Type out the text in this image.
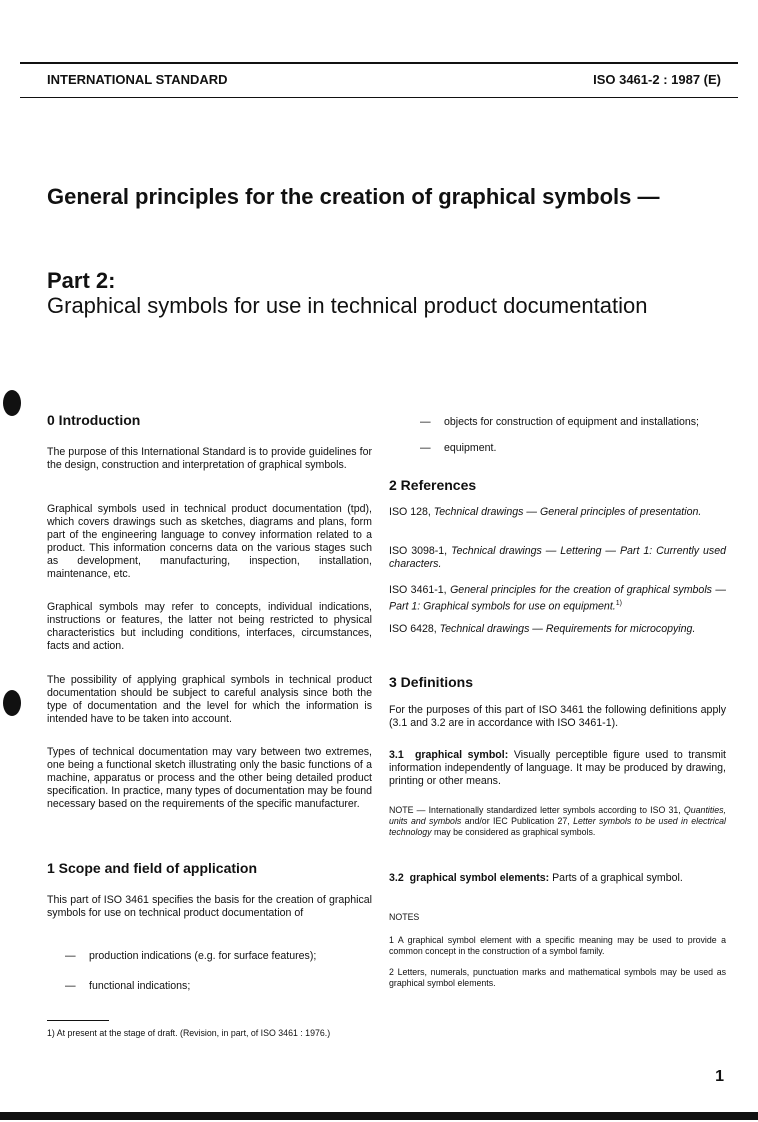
INTERNATIONAL STANDARD	ISO 3461-2 : 1987 (E)
General principles for the creation of graphical symbols —
Part 2:
Graphical symbols for use in technical product documentation
0 Introduction

The purpose of this International Standard is to provide guidelines for the design, construction and interpretation of graphical symbols.

Graphical symbols used in technical product documentation (tpd), which covers drawings such as sketches, diagrams and plans, form part of the engineering language to convey information related to a product. This information concerns data on the various stages such as development, manufacturing, inspection, installation, maintenance, etc.

Graphical symbols may refer to concepts, individual indications, instructions or features, the latter not being restricted to physical characteristics but including conditions, interfaces, circumstances, facts and action.

The possibility of applying graphical symbols in technical product documentation should be subject to careful analysis since both the type of documentation and the level for which the information is intended have to be taken into account.

Types of technical documentation may vary between two extremes, one being a functional sketch illustrating only the basic functions of a machine, apparatus or process and the other being detailed product specification. In practice, many types of documentation may be found necessary based on the requirements of the specific manufacturer.

1 Scope and field of application

This part of ISO 3461 specifies the basis for the creation of graphical symbols for use on technical product documentation of

— production indications (e.g. for surface features);
— functional indications;
— objects for construction of equipment and installations;
— equipment.
2 References

ISO 128, Technical drawings — General principles of presentation.

ISO 3098-1, Technical drawings — Lettering — Part 1: Currently used characters.

ISO 3461-1, General principles for the creation of graphical symbols — Part 1: Graphical symbols for use on equipment.$^{1)}$

ISO 6428, Technical drawings — Requirements for microcopying.

3 Definitions

For the purposes of this part of ISO 3461 the following definitions apply (3.1 and 3.2 are in accordance with ISO 3461-1).

3.1 graphical symbol: Visually perceptible figure used to transmit information independently of language. It may be produced by drawing, printing or other means.

NOTE — Internationally standardized letter symbols according to ISO 31, Quantities, units and symbols and/or IEC Publication 27, Letter symbols to be used in electrical technology may be considered as graphical symbols.

3.2 graphical symbol elements: Parts of a graphical symbol.

NOTES

1 A graphical symbol element with a specific meaning may be used to provide a common concept in the construction of a symbol family.

2 Letters, numerals, punctuation marks and mathematical symbols may be used as graphical symbol elements.

1) At present at the stage of draft. (Revision, in part, of ISO 3461 : 1976.)
1
